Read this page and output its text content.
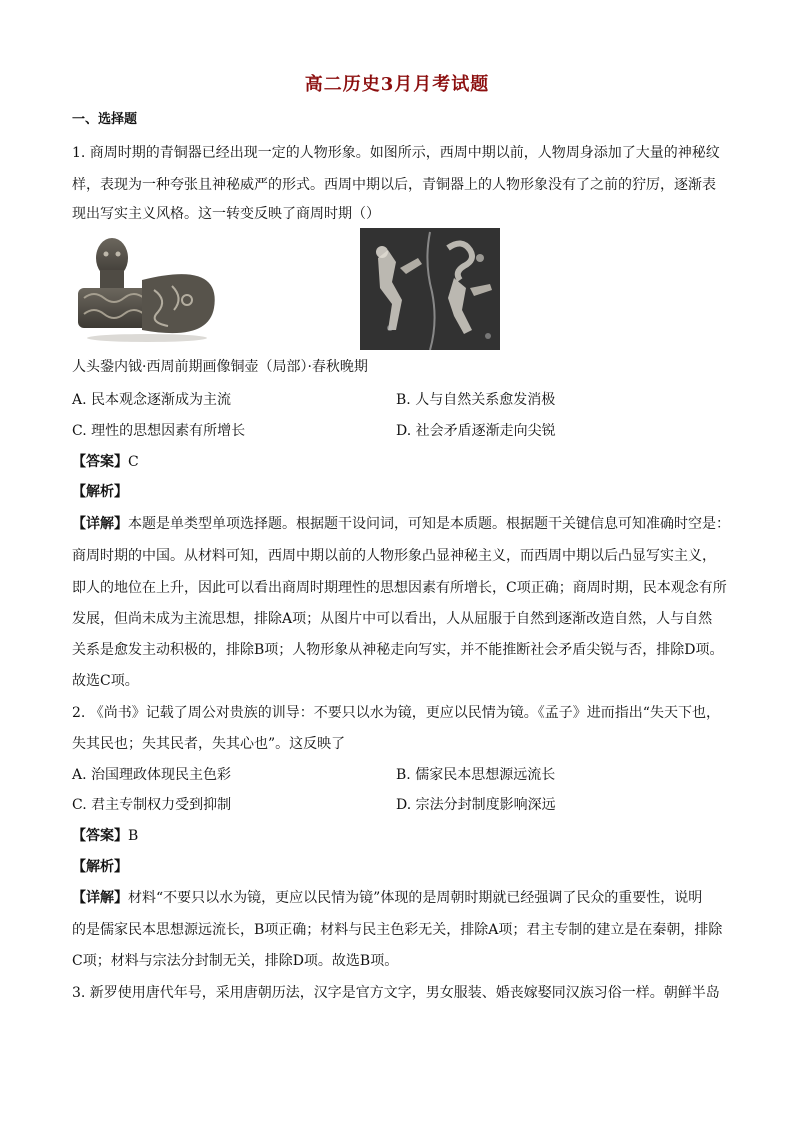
高二历史3月月考试题
一、选择题
1. 商周时期的青铜器已经出现一定的人物形象。如图所示，西周中期以前，人物周身添加了大量的神秘纹
样，表现为一种夸张且神秘威严的形式。西周中期以后，青铜器上的人物形象没有了之前的狞厉，逐渐表
现出写实主义风格。这一转变反映了商周时期（）
人头銎内钺·西周前期画像铜壶（局部）·春秋晚期
A. 民本观念逐渐成为主流	B. 人与自然关系愈发消极
C. 理性的思想因素有所增长	D. 社会矛盾逐渐走向尖锐
【答案】C
【解析】
【详解】本题是单类型单项选择题。根据题干设问词，可知是本质题。根据题干关键信息可知准确时空是：
商周时期的中国。从材料可知，西周中期以前的人物形象凸显神秘主义，而西周中期以后凸显写实主义，
即人的地位在上升，因此可以看出商周时期理性的思想因素有所增长，C项正确；商周时期，民本观念有所
发展，但尚未成为主流思想，排除A项；从图片中可以看出，人从屈服于自然到逐渐改造自然，人与自然
关系是愈发主动积极的，排除B项；人物形象从神秘走向写实，并不能推断社会矛盾尖锐与否，排除D项。
故选C项。
2. 《尚书》记载了周公对贵族的训导：不要只以水为镜，更应以民情为镜。《孟子》进而指出“失天下也，
失其民也；失其民者，失其心也”。这反映了
A. 治国理政体现民主色彩	B. 儒家民本思想源远流长
C. 君主专制权力受到抑制	D. 宗法分封制度影响深远
【答案】B
【解析】
【详解】材料“不要只以水为镜，更应以民情为镜”体现的是周朝时期就已经强调了民众的重要性，说明
的是儒家民本思想源远流长，B项正确；材料与民主色彩无关，排除A项；君主专制的建立是在秦朝，排除
C项；材料与宗法分封制无关，排除D项。故选B项。
3. 新罗使用唐代年号，采用唐朝历法，汉字是官方文字，男女服装、婚丧嫁娶同汉族习俗一样。朝鲜半岛
